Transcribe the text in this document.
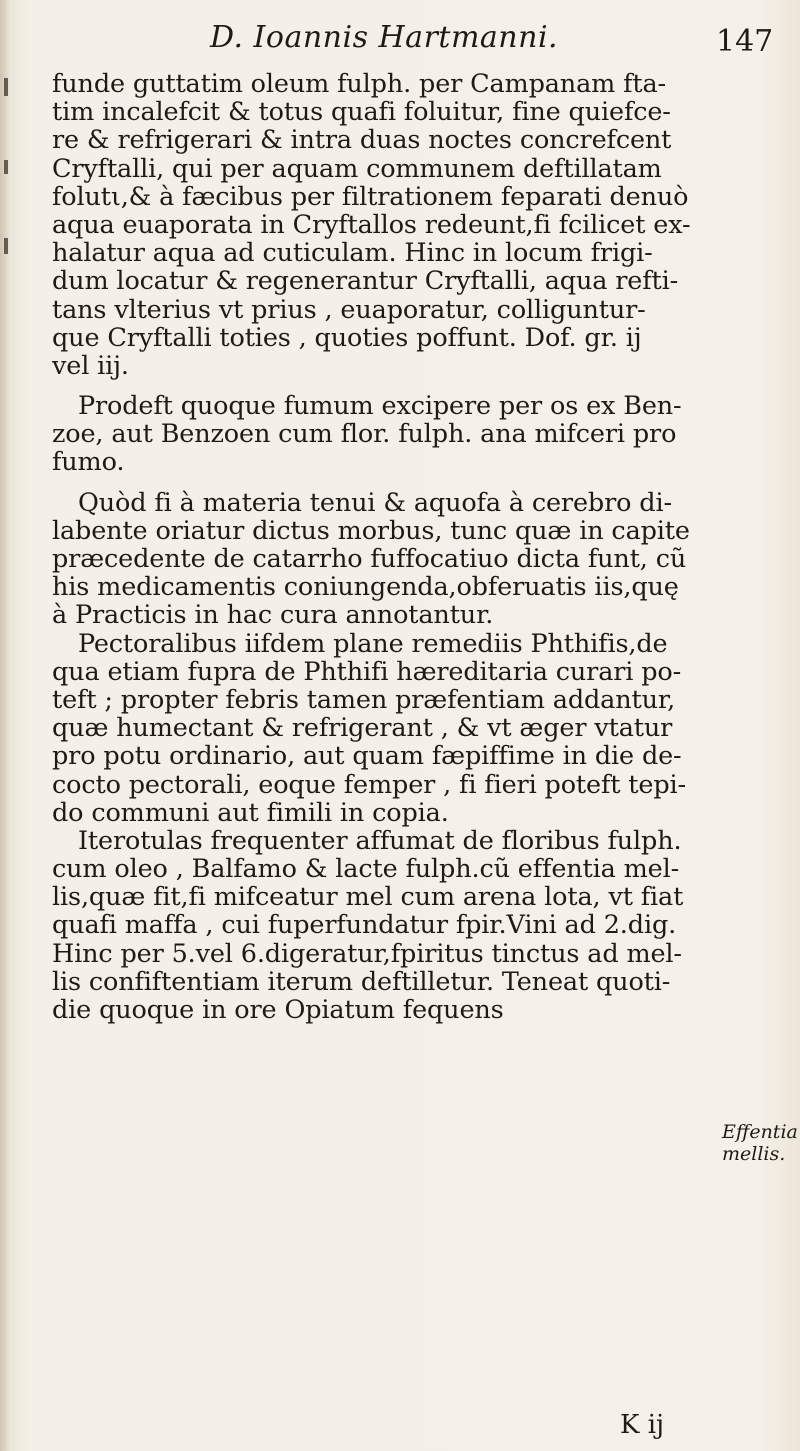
D. Ioannis Hartmanni.	147
funde guttatim oleum fulph. per Campanam fta-
tim incalefcit & totus quafi foluitur, fine quiefce-
re & refrigerari & intra duas noctes concrefcent
Cryftalli, qui per aquam communem deftillatam
folutι,& à fæcibus per filtrationem feparati denuò
aqua euaporata in Cryftallos redeunt,fi fcilicet ex-
halatur aqua ad cuticulam. Hinc in locum frigi-
dum locatur & regenerantur Cryftalli, aqua refti-
tans vlterius vt prius , euaporatur, colliguntur-
que Cryftalli toties , quoties poffunt. Dof. gr. ij
vel iij.
Prodeft quoque fumum excipere per os ex Ben-
zoe, aut Benzoen cum flor. fulph. ana mifceri pro
fumo.
Quòd fi à materia tenui & aquofa à cerebro di-
labente oriatur dictus morbus, tunc quæ in capite
præcedente de catarrho fuffocatiuo dicta funt, cũ
his medicamentis coniungenda,obferuatis iis,quę
à Practicis in hac cura annotantur.
Pectoralibus iifdem plane remediis Phthifis,de
qua etiam fupra de Phthifi hæreditaria curari po-
teft ; propter febris tamen præfentiam addantur,
quæ humectant & refrigerant , & vt æger vtatur
pro potu ordinario, aut quam fæpiffime in die de-
cocto pectorali, eoque femper , fi fieri poteft tepi-
do communi aut fimili in copia.
Iterotulas frequenter affumat de floribus fulph.
cum oleo , Balfamo & lacte fulph.cũ effentia mel-
lis,quæ fit,fi mifceatur mel cum arena lota, vt fiat
quafi maffa , cui fuperfundatur fpir.Vini ad 2.dig.
Hinc per 5.vel 6.digeratur,fpiritus tinctus ad mel-
lis confiftentiam iterum deftilletur. Teneat quoti-
die quoque in ore Opiatum fequens
Effentia
mellis.
K ij
